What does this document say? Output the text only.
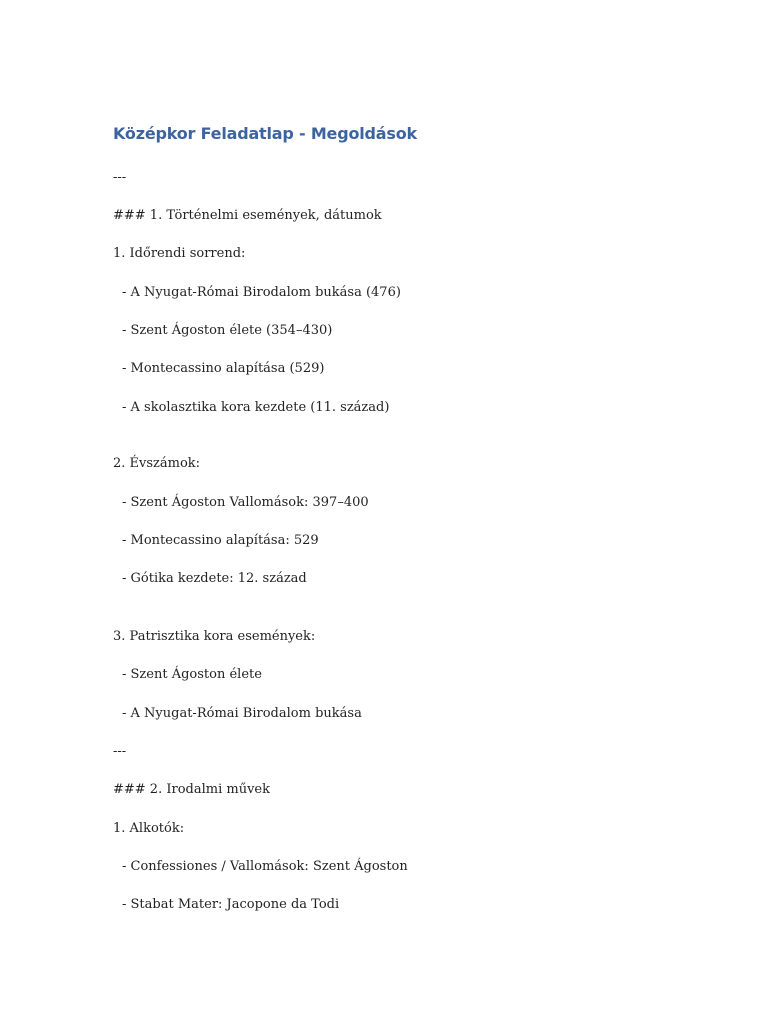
Középkor Feladatlap - Megoldások
---
### 1. Történelmi események, dátumok
1. Időrendi sorrend:
- A Nyugat-Római Birodalom bukása (476)
- Szent Ágoston élete (354–430)
- Montecassino alapítása (529)
- A skolasztika kora kezdete (11. század)
2. Évszámok:
- Szent Ágoston Vallomások: 397–400
- Montecassino alapítása: 529
- Gótika kezdete: 12. század
3. Patrisztika kora események:
- Szent Ágoston élete
- A Nyugat-Római Birodalom bukása
---
### 2. Irodalmi művek
1. Alkotók:
- Confessiones / Vallomások: Szent Ágoston
- Stabat Mater: Jacopone da Todi
